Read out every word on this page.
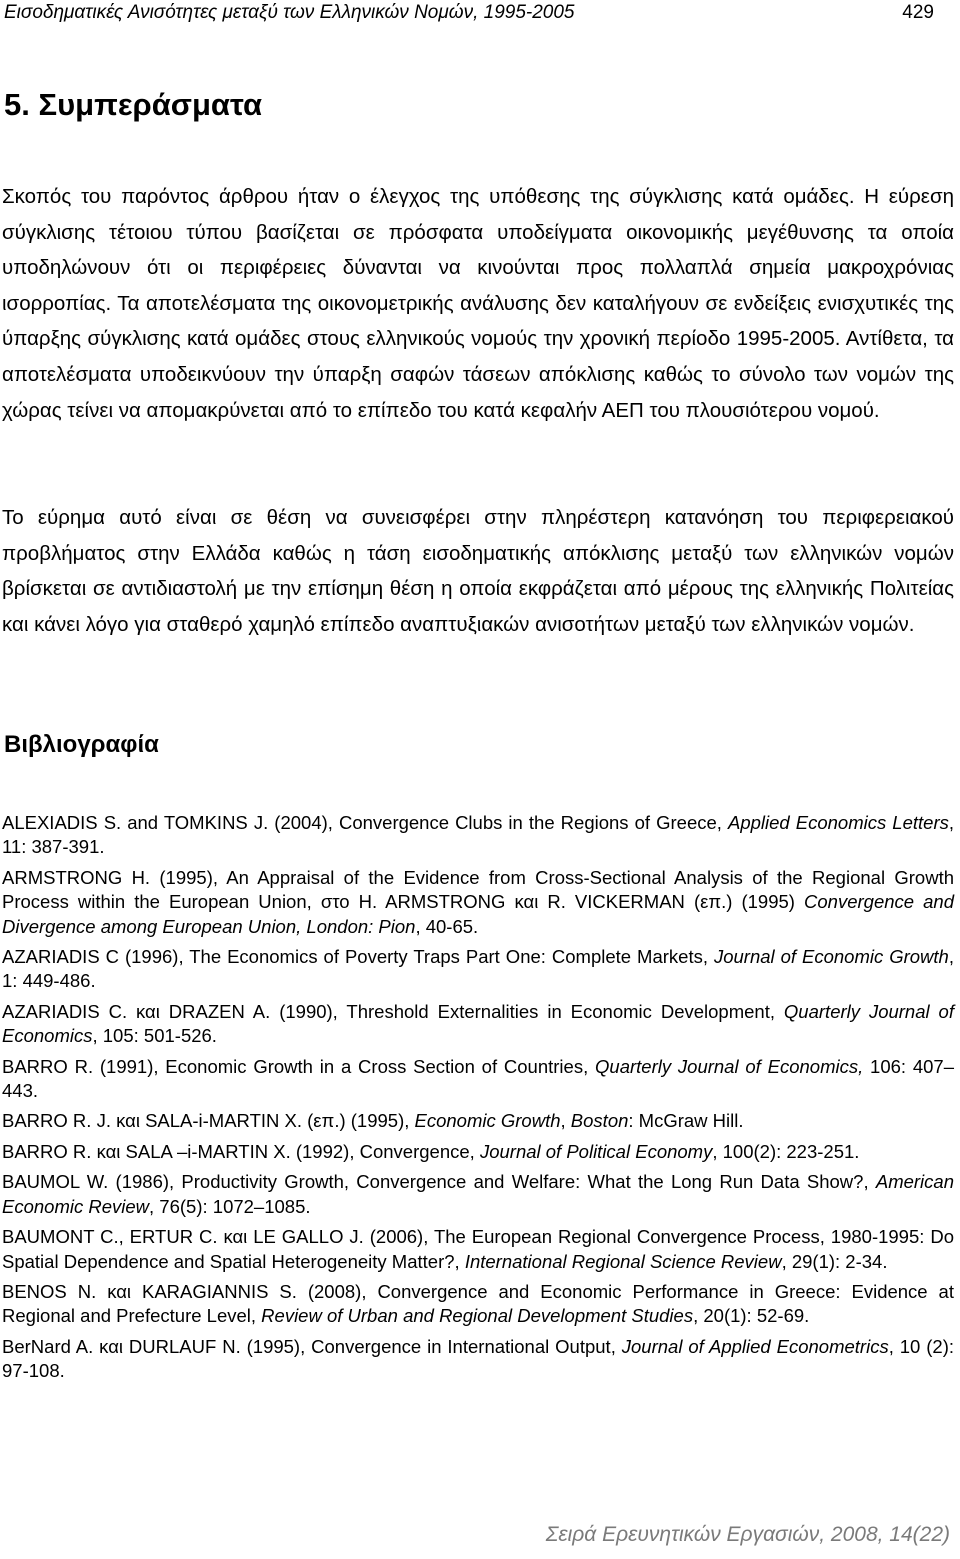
Εισοδηματικές Ανισότητες μεταξύ των Ελληνικών Νομών, 1995-2005	429
5. Συμπεράσματα

Σκοπός του παρόντος άρθρου ήταν ο έλεγχος της υπόθεσης της σύγκλισης κατά ομάδες. Η εύρεση σύγκλισης τέτοιου τύπου βασίζεται σε πρόσφατα υποδείγματα οικονομικής μεγέθυνσης τα οποία υποδηλώνουν ότι οι περιφέρειες δύνανται να κινούνται προς πολλαπλά σημεία μακροχρόνιας ισορροπίας. Τα αποτελέσματα της οικονομετρικής ανάλυσης δεν καταλήγουν σε ενδείξεις ενισχυτικές της ύπαρξης σύγκλισης κατά ομάδες στους ελληνικούς νομούς την χρονική περίοδο 1995-2005. Αντίθετα, τα αποτελέσματα υποδεικνύουν την ύπαρξη σαφών τάσεων απόκλισης καθώς το σύνολο των νομών της χώρας τείνει να απομακρύνεται από το επίπεδο του κατά κεφαλήν ΑΕΠ του πλουσιότερου νομού.

Το εύρημα αυτό είναι σε θέση να συνεισφέρει στην πληρέστερη κατανόηση του περιφερειακού προβλήματος στην Ελλάδα καθώς η τάση εισοδηματικής απόκλισης μεταξύ των ελληνικών νομών βρίσκεται σε αντιδιαστολή με την επίσημη θέση η οποία εκφράζεται από μέρους της ελληνικής Πολιτείας και κάνει λόγο για σταθερό χαμηλό επίπεδο αναπτυξιακών ανισοτήτων μεταξύ των ελληνικών νομών.

Βιβλιογραφία

ALEXIADIS S. and TOMKINS J. (2004), Convergence Clubs in the Regions of Greece, Applied Economics Letters, 11: 387-391.

ARMSTRONG H. (1995), An Appraisal of the Evidence from Cross-Sectional Analysis of the Regional Growth Process within the European Union, στο H. ARMSTRONG και R. VICKERMAN (επ.) (1995) Convergence and Divergence among European Union, London: Pion, 40-65.

AZARIADIS C (1996), The Economics of Poverty Traps Part One: Complete Markets, Journal of Economic Growth, 1: 449-486.

AZARIADIS C. και DRAZEN A. (1990), Threshold Externalities in Economic Development, Quarterly Journal of Economics, 105: 501-526.

BARRO R. (1991), Economic Growth in a Cross Section of Countries, Quarterly Journal of Economics, 106: 407–443.

BARRO R. J. και SALA-i-MARTIN X. (επ.) (1995), Economic Growth, Boston: McGraw Hill.

BARRO R. και SALA –i-MARTIN X. (1992), Convergence, Journal of Political Economy, 100(2): 223-251.

BAUMOL W. (1986), Productivity Growth, Convergence and Welfare: What the Long Run Data Show?, American Economic Review, 76(5): 1072–1085.

BAUMONT C., ERTUR C. και LE GALLO J. (2006), The European Regional Convergence Process, 1980-1995: Do Spatial Dependence and Spatial Heterogeneity Matter?, International Regional Science Review, 29(1): 2-34.

BENOS N. και KARAGIANNIS S. (2008), Convergence and Economic Performance in Greece: Evidence at Regional and Prefecture Level, Review of Urban and Regional Development Studies, 20(1): 52-69.

BerNard A. και DURLAUF N. (1995), Convergence in International Output, Journal of Applied Econometrics, 10 (2): 97-108.

Σειρά Ερευνητικών Εργασιών, 2008, 14(22)
